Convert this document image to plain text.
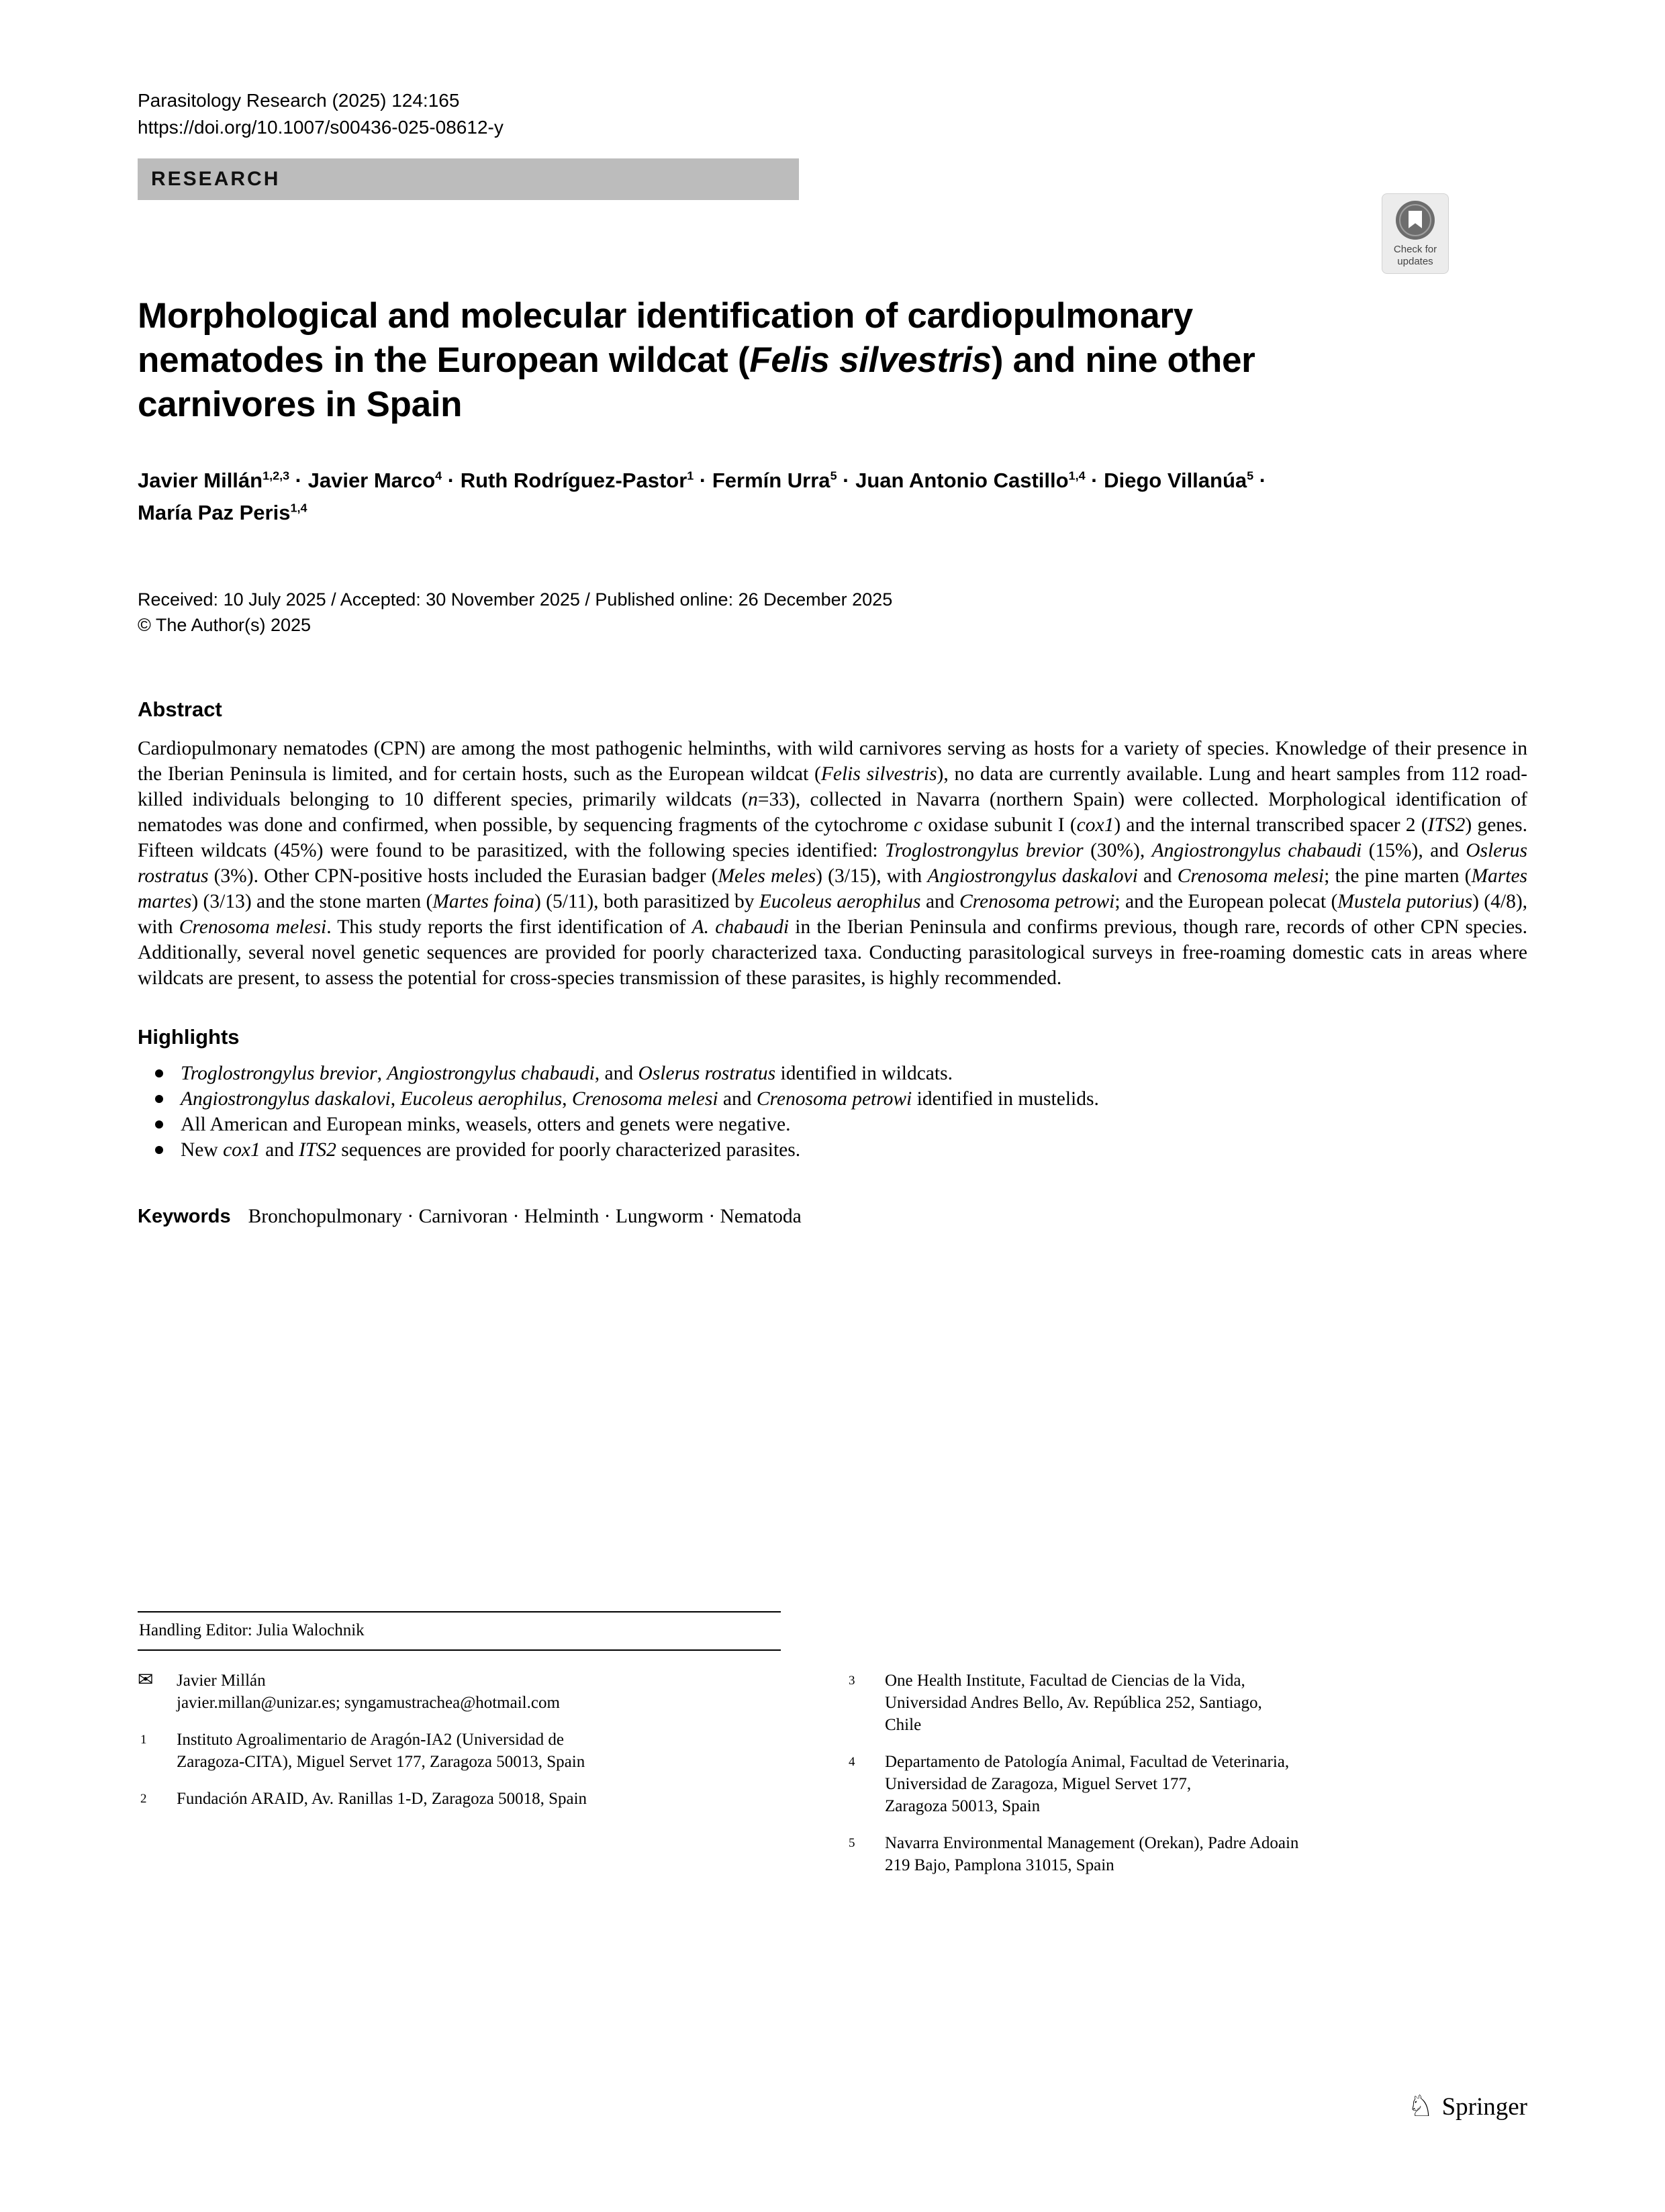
Parasitology Research (2025) 124:165
https://doi.org/10.1007/s00436-025-08612-y
RESEARCH
Check for
updates
Morphological and molecular identification of cardiopulmonary
nematodes in the European wildcat (Felis silvestris) and nine other
carnivores in Spain
Javier Millán$^{1,2,3}$ · Javier Marco$^4$ · Ruth Rodríguez-Pastor$^1$ · Fermín Urra$^5$ · Juan Antonio Castillo$^{1,4}$ · Diego Villanúa$^5$ ·
María Paz Peris$^{1,4}$
Received: 10 July 2025 / Accepted: 30 November 2025 / Published online: 26 December 2025
© The Author(s) 2025
Abstract

Cardiopulmonary nematodes (CPN) are among the most pathogenic helminths, with wild carnivores serving as hosts for a variety of species. Knowledge of their presence in the Iberian Peninsula is limited, and for certain hosts, such as the European wildcat (Felis silvestris), no data are currently available. Lung and heart samples from 112 road-killed individuals belonging to 10 different species, primarily wildcats (n=33), collected in Navarra (northern Spain) were collected. Morphological identification of nematodes was done and confirmed, when possible, by sequencing fragments of the cytochrome c oxidase subunit I (cox1) and the internal transcribed spacer 2 (ITS2) genes. Fifteen wildcats (45%) were found to be parasitized, with the following species identified: Troglostrongylus brevior (30%), Angiostrongylus chabaudi (15%), and Oslerus rostratus (3%). Other CPN-positive hosts included the Eurasian badger (Meles meles) (3/15), with Angiostrongylus daskalovi and Crenosoma melesi; the pine marten (Martes martes) (3/13) and the stone marten (Martes foina) (5/11), both parasitized by Eucoleus aerophilus and Crenosoma petrowi; and the European polecat (Mustela putorius) (4/8), with Crenosoma melesi. This study reports the first identification of A. chabaudi in the Iberian Peninsula and confirms previous, though rare, records of other CPN species. Additionally, several novel genetic sequences are provided for poorly characterized taxa. Conducting parasitological surveys in free-roaming domestic cats in areas where wildcats are present, to assess the potential for cross-species transmission of these parasites, is highly recommended.

Highlights
Troglostrongylus brevior, Angiostrongylus chabaudi, and Oslerus rostratus identified in wildcats.
Angiostrongylus daskalovi, Eucoleus aerophilus, Crenosoma melesi and Crenosoma petrowi identified in mustelids.
All American and European minks, weasels, otters and genets were negative.
New cox1 and ITS2 sequences are provided for poorly characterized parasites.
Keywords Bronchopulmonary · Carnivoran · Helminth · Lungworm · Nematoda
Handling Editor: Julia Walochnik
✉	Javier Millán
javier.millan@unizar.es; syngamustrachea@hotmail.com
1	Instituto Agroalimentario de Aragón-IA2 (Universidad de
Zaragoza-CITA), Miguel Servet 177, Zaragoza 50013, Spain
2	Fundación ARAID, Av. Ranillas 1-D, Zaragoza 50018, Spain
3	One Health Institute, Facultad de Ciencias de la Vida,
Universidad Andres Bello, Av. República 252, Santiago,
Chile
4	Departamento de Patología Animal, Facultad de Veterinaria,
Universidad de Zaragoza, Miguel Servet 177,
Zaragoza 50013, Spain
5	Navarra Environmental Management (Orekan), Padre Adoain
219 Bajo, Pamplona 31015, Spain
♘ Springer
